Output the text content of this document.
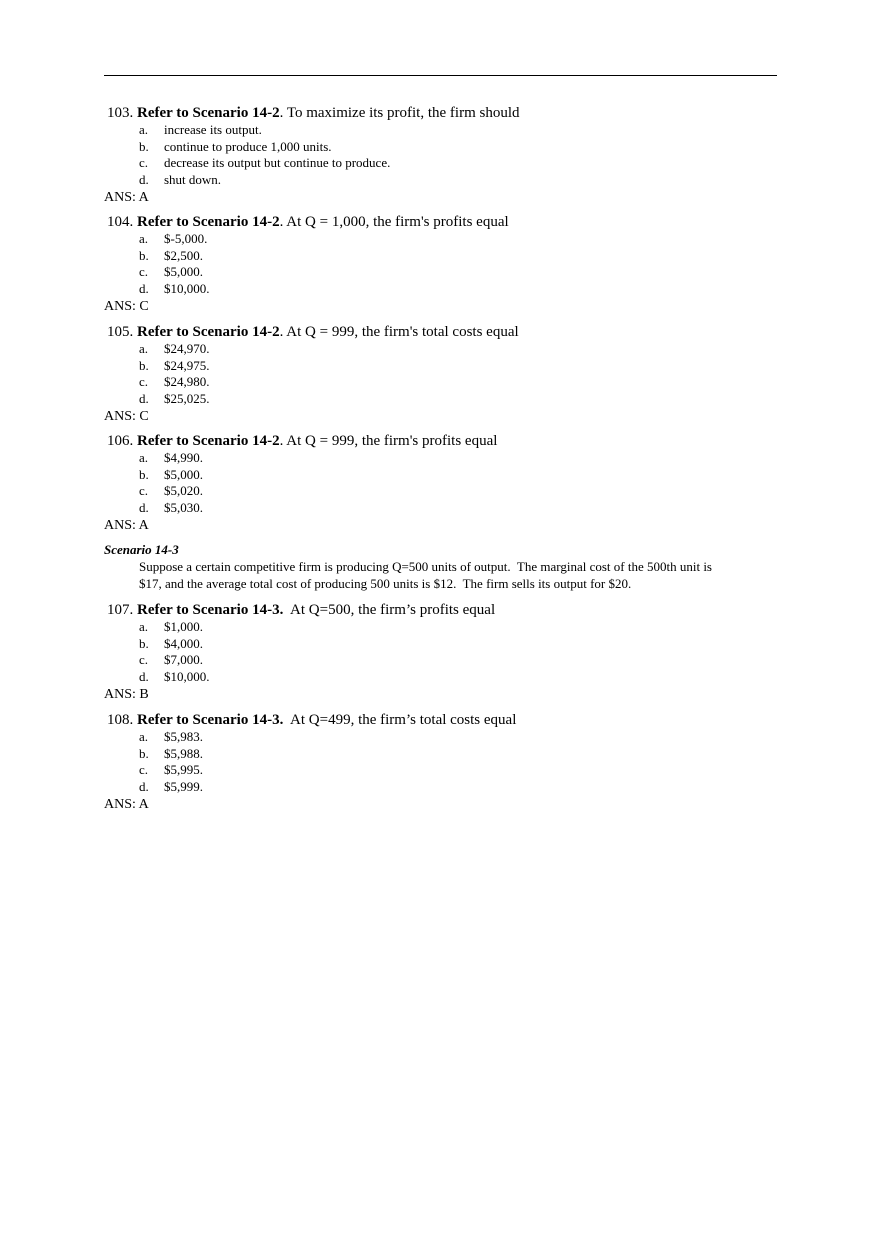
103. Refer to Scenario 14-2. To maximize its profit, the firm should
a. increase its output.
b. continue to produce 1,000 units.
c. decrease its output but continue to produce.
d. shut down.
ANS: A
104. Refer to Scenario 14-2. At Q = 1,000, the firm's profits equal
a. $-5,000.
b. $2,500.
c. $5,000.
d. $10,000.
ANS: C
105. Refer to Scenario 14-2. At Q = 999, the firm's total costs equal
a. $24,970.
b. $24,975.
c. $24,980.
d. $25,025.
ANS: C
106. Refer to Scenario 14-2. At Q = 999, the firm's profits equal
a. $4,990.
b. $5,000.
c. $5,020.
d. $5,030.
ANS: A
Scenario 14-3
Suppose a certain competitive firm is producing Q=500 units of output.  The marginal cost of the 500th unit is
$17, and the average total cost of producing 500 units is $12.  The firm sells its output for $20.
107. Refer to Scenario 14-3.  At Q=500, the firm’s profits equal
a. $1,000.
b. $4,000.
c. $7,000.
d. $10,000.
ANS: B
108. Refer to Scenario 14-3.  At Q=499, the firm’s total costs equal
a. $5,983.
b. $5,988.
c. $5,995.
d. $5,999.
ANS: A
